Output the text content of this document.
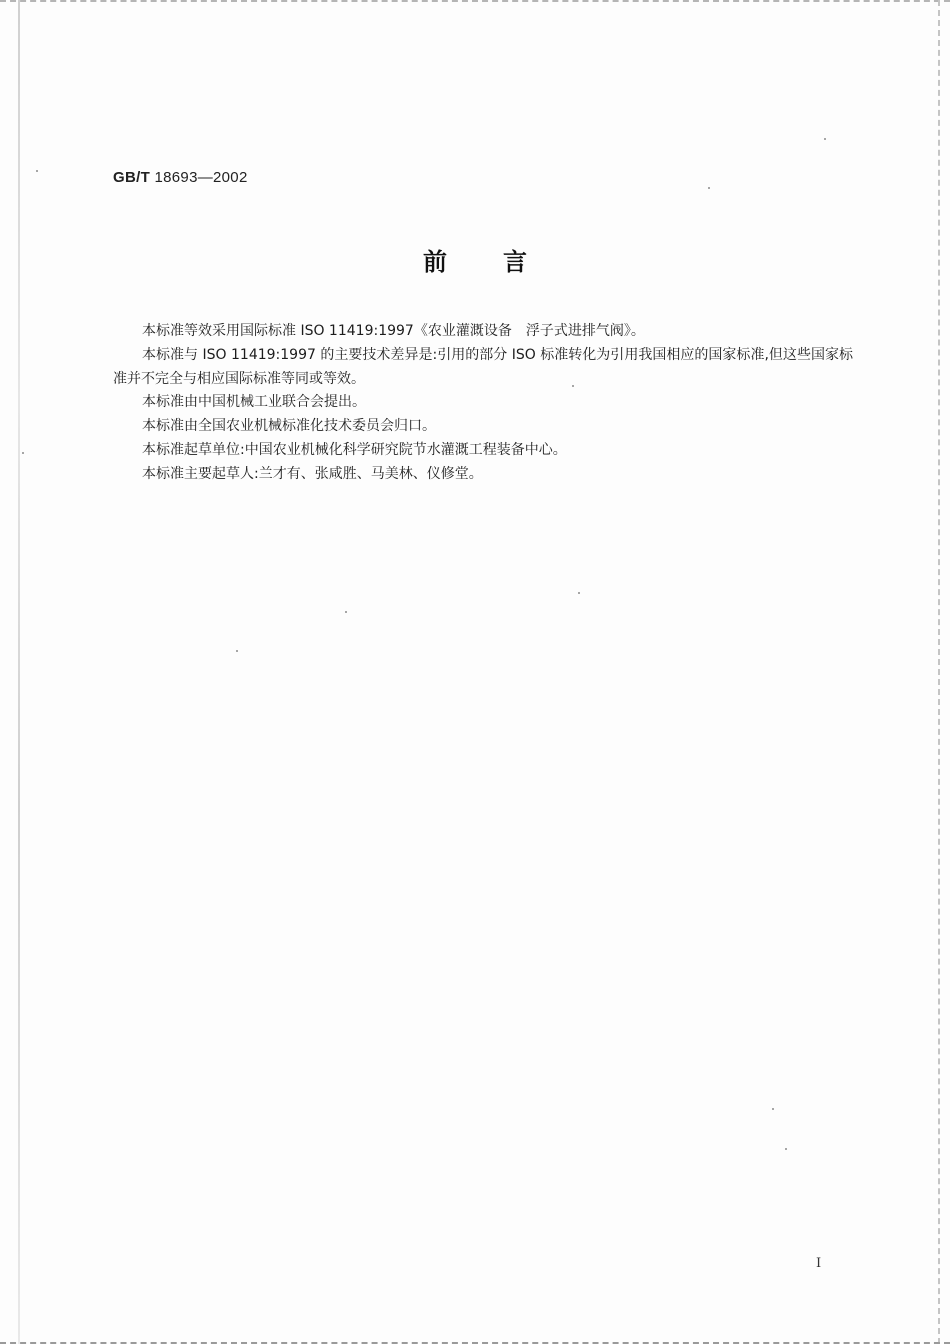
GB/T 18693—2002
前言

本标准等效采用国际标准 ISO 11419:1997《农业灌溉设备　浮子式进排气阀》。

本标准与 ISO 11419:1997 的主要技术差异是:引用的部分 ISO 标准转化为引用我国相应的国家标准,但这些国家标准并不完全与相应国际标准等同或等效。

本标准由中国机械工业联合会提出。

本标准由全国农业机械标准化技术委员会归口。

本标准起草单位:中国农业机械化科学研究院节水灌溉工程装备中心。

本标准主要起草人:兰才有、张咸胜、马美林、仪修堂。

I
